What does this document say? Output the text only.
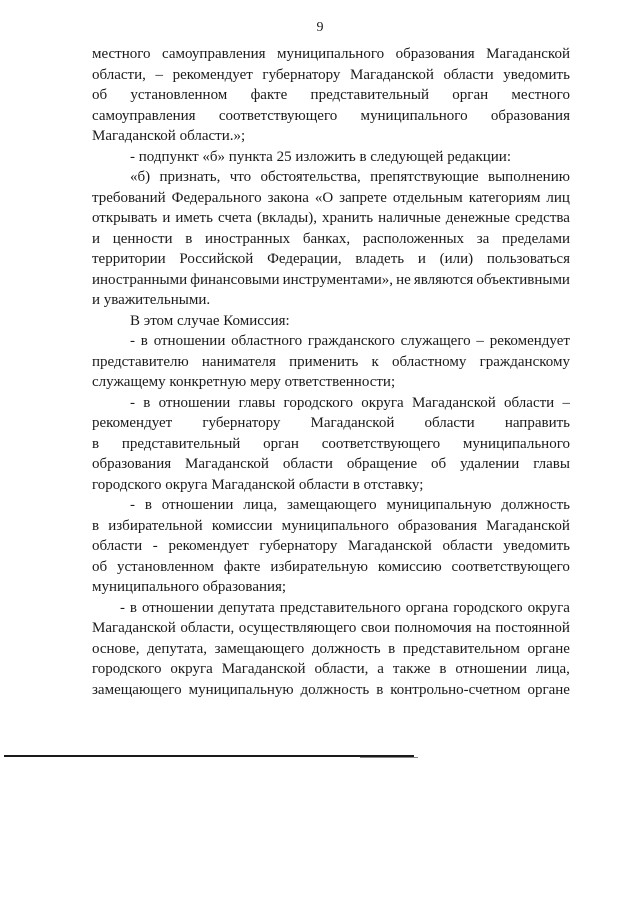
9
местного самоуправления муниципального образования Магаданской
области, – рекомендует губернатору Магаданской области уведомить
об установленном факте представительный орган местного
самоуправления соответствующего муниципального образования
Магаданской области.»;
- подпункт «б» пункта 25 изложить в следующей редакции:
«б) признать, что обстоятельства, препятствующие выполнению
требований Федерального закона «О запрете отдельным категориям лиц
открывать и иметь счета (вклады), хранить наличные денежные средства
и ценности в иностранных банках, расположенных за пределами
территории Российской Федерации, владеть и (или) пользоваться
иностранными финансовыми инструментами», не являются объективными
и уважительными.
В этом случае Комиссия:
- в отношении областного гражданского служащего – рекомендует
представителю нанимателя применить к областному гражданскому
служащему конкретную меру ответственности;
- в отношении главы городского округа Магаданской области –
рекомендует губернатору Магаданской области направить
в представительный орган соответствующего муниципального
образования Магаданской области обращение об удалении главы
городского округа Магаданской области в отставку;
- в отношении лица, замещающего муниципальную должность
в избирательной комиссии муниципального образования Магаданской
области - рекомендует губернатору Магаданской области уведомить
об установленном факте избирательную комиссию соответствующего
муниципального образования;
- в отношении депутата представительного органа городского округа
Магаданской области, осуществляющего свои полномочия на постоянной
основе, депутата, замещающего должность в представительном органе
городского округа Магаданской области, а также в отношении лица,
замещающего муниципальную должность в контрольно-счетном органе
